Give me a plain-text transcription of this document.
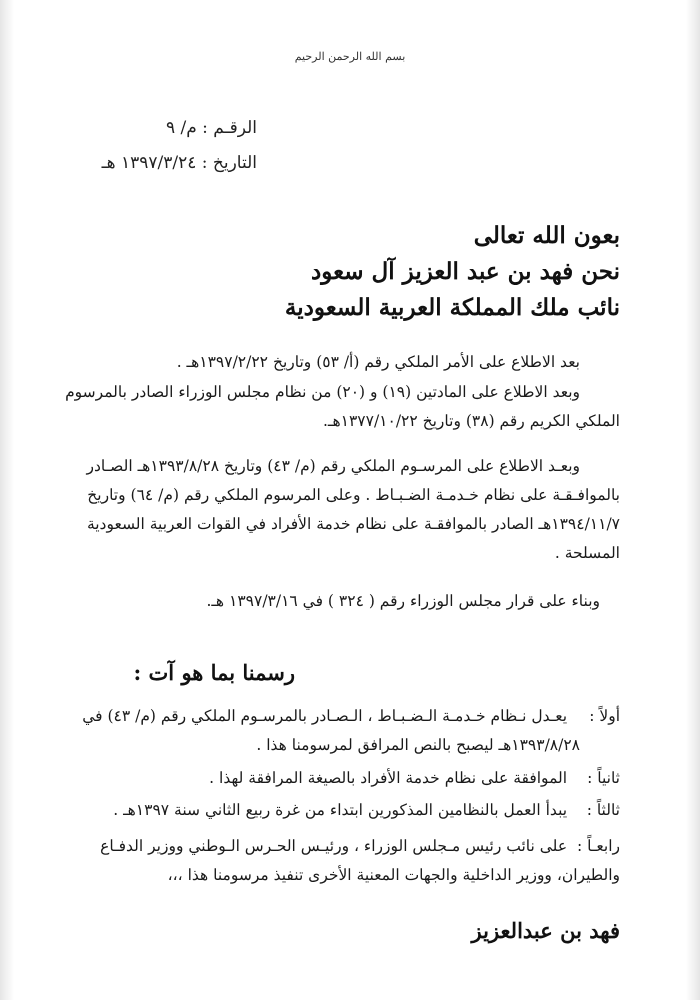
بسم الله الرحمن الرحيم
الرقـم : م/ ٩
التاريخ : ١٣٩٧/٣/٢٤ هـ
بعون الله تعالى
نحن فهد بن عبد العزيز آل سعود
نائب ملك المملكة العربية السعودية
بعد الاطلاع على الأمر الملكي رقم (أ/ ٥٣) وتاريخ ١٣٩٧/٢/٢٢هـ .
وبعد الاطلاع على المادتين (١٩) و (٢٠) من نظام مجلس الوزراء الصادر بالمرسوم
الملكي الكريم رقم (٣٨) وتاريخ ١٣٧٧/١٠/٢٢هـ.
وبعـد الاطلاع على المرسـوم الملكي رقم (م/ ٤٣) وتاريخ ١٣٩٣/٨/٢٨هـ الصـادر
بالموافـقـة على نظام خـدمـة الضـبـاط . وعلى المرسوم الملكي رقم (م/ ٦٤) وتاريخ
١٣٩٤/١١/٧هـ الصادر بالموافقـة على نظام خدمة الأفراد في القوات العربية السعودية
المسلحة .
وبناء على قرار مجلس الوزراء رقم ( ٣٢٤ ) في ١٣٩٧/٣/١٦ هـ.
رسمنا بما هو آت :
أولاً : يعـدل نـظام خـدمـة الـضـبـاط ، الـصـادر بالمرسـوم الملكي رقم (م/ ٤٣) في
١٣٩٣/٨/٢٨هـ ليصبح بالنص المرافق لمرسومنا هذا .
ثانياً : الموافقة على نظام خدمة الأفراد بالصيغة المرافقة لهذا .
ثالثاً : يبدأ العمل بالنظامين المذكورين ابتداء من غرة ربيع الثاني سنة ١٣٩٧هـ .
رابعـاً : على نائب رئيس مـجلس الوزراء ، ورئيـس الحـرس الـوطني ووزير الدفـاع
والطيران، ووزير الداخلية والجهات المعنية الأخرى تنفيذ مرسومنا هذا ،،،
فهد بن عبدالعزيز
